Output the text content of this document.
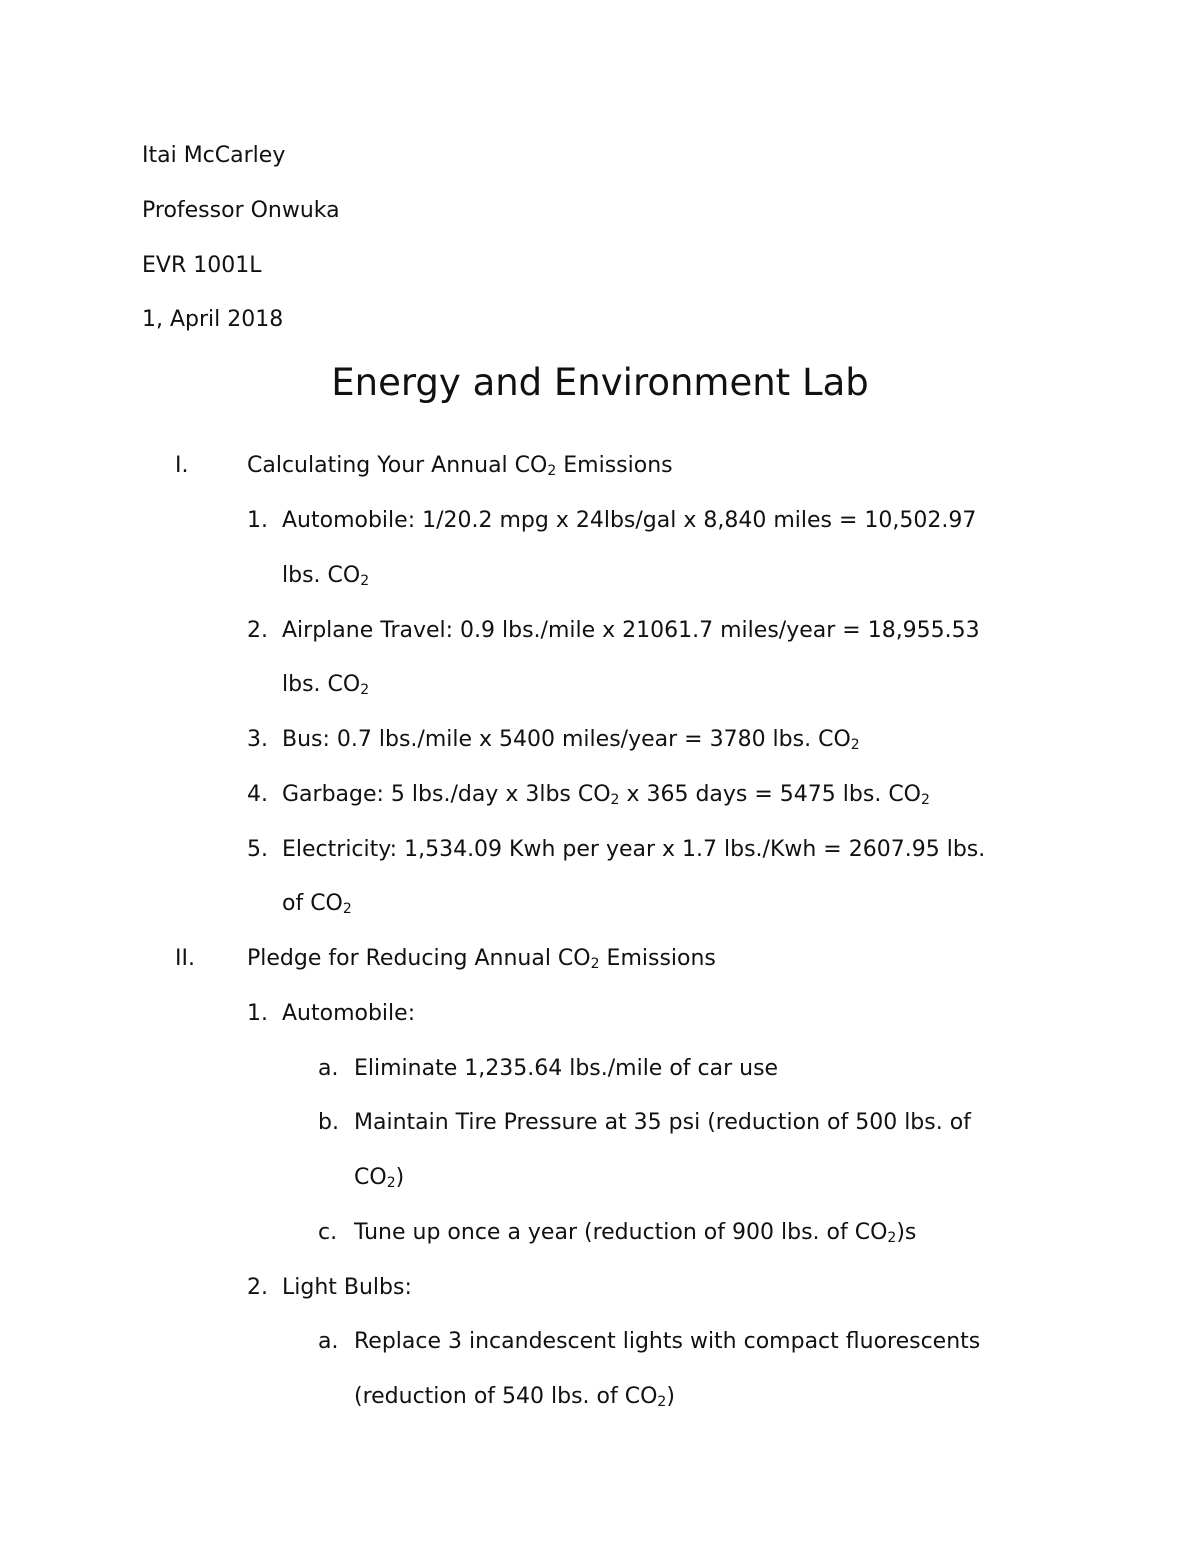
Itai McCarley
Professor Onwuka
EVR 1001L
1, April 2018
Energy and Environment Lab
I.	Calculating Your Annual $CO_2$ Emissions
1. Automobile: 1/20.2 mpg x 24lbs/gal x 8,840 miles = 10,502.97
lbs. $CO_2$
2. Airplane Travel: 0.9 lbs./mile x 21061.7 miles/year = 18,955.53
lbs. $CO_2$
3. Bus: 0.7 lbs./mile x 5400 miles/year = 3780 lbs. $CO_2$
4. Garbage: 5 lbs./day x 3lbs $CO_2$ x 365 days = 5475 lbs. $CO_2$
5. Electricity: 1,534.09 Kwh per year x 1.7 lbs./Kwh = 2607.95 lbs.
of $CO_2$
II. Pledge for Reducing Annual $CO_2$ Emissions
1. Automobile:
a. Eliminate 1,235.64 lbs./mile of car use
b. Maintain Tire Pressure at 35 psi (reduction of 500 lbs. of
$CO_2$)
c. Tune up once a year (reduction of 900 lbs. of $CO_2)s$
2. Light Bulbs:
a. Replace 3 incandescent lights with compact fluorescents
(reduction of 540 lbs. of $CO_2$)
